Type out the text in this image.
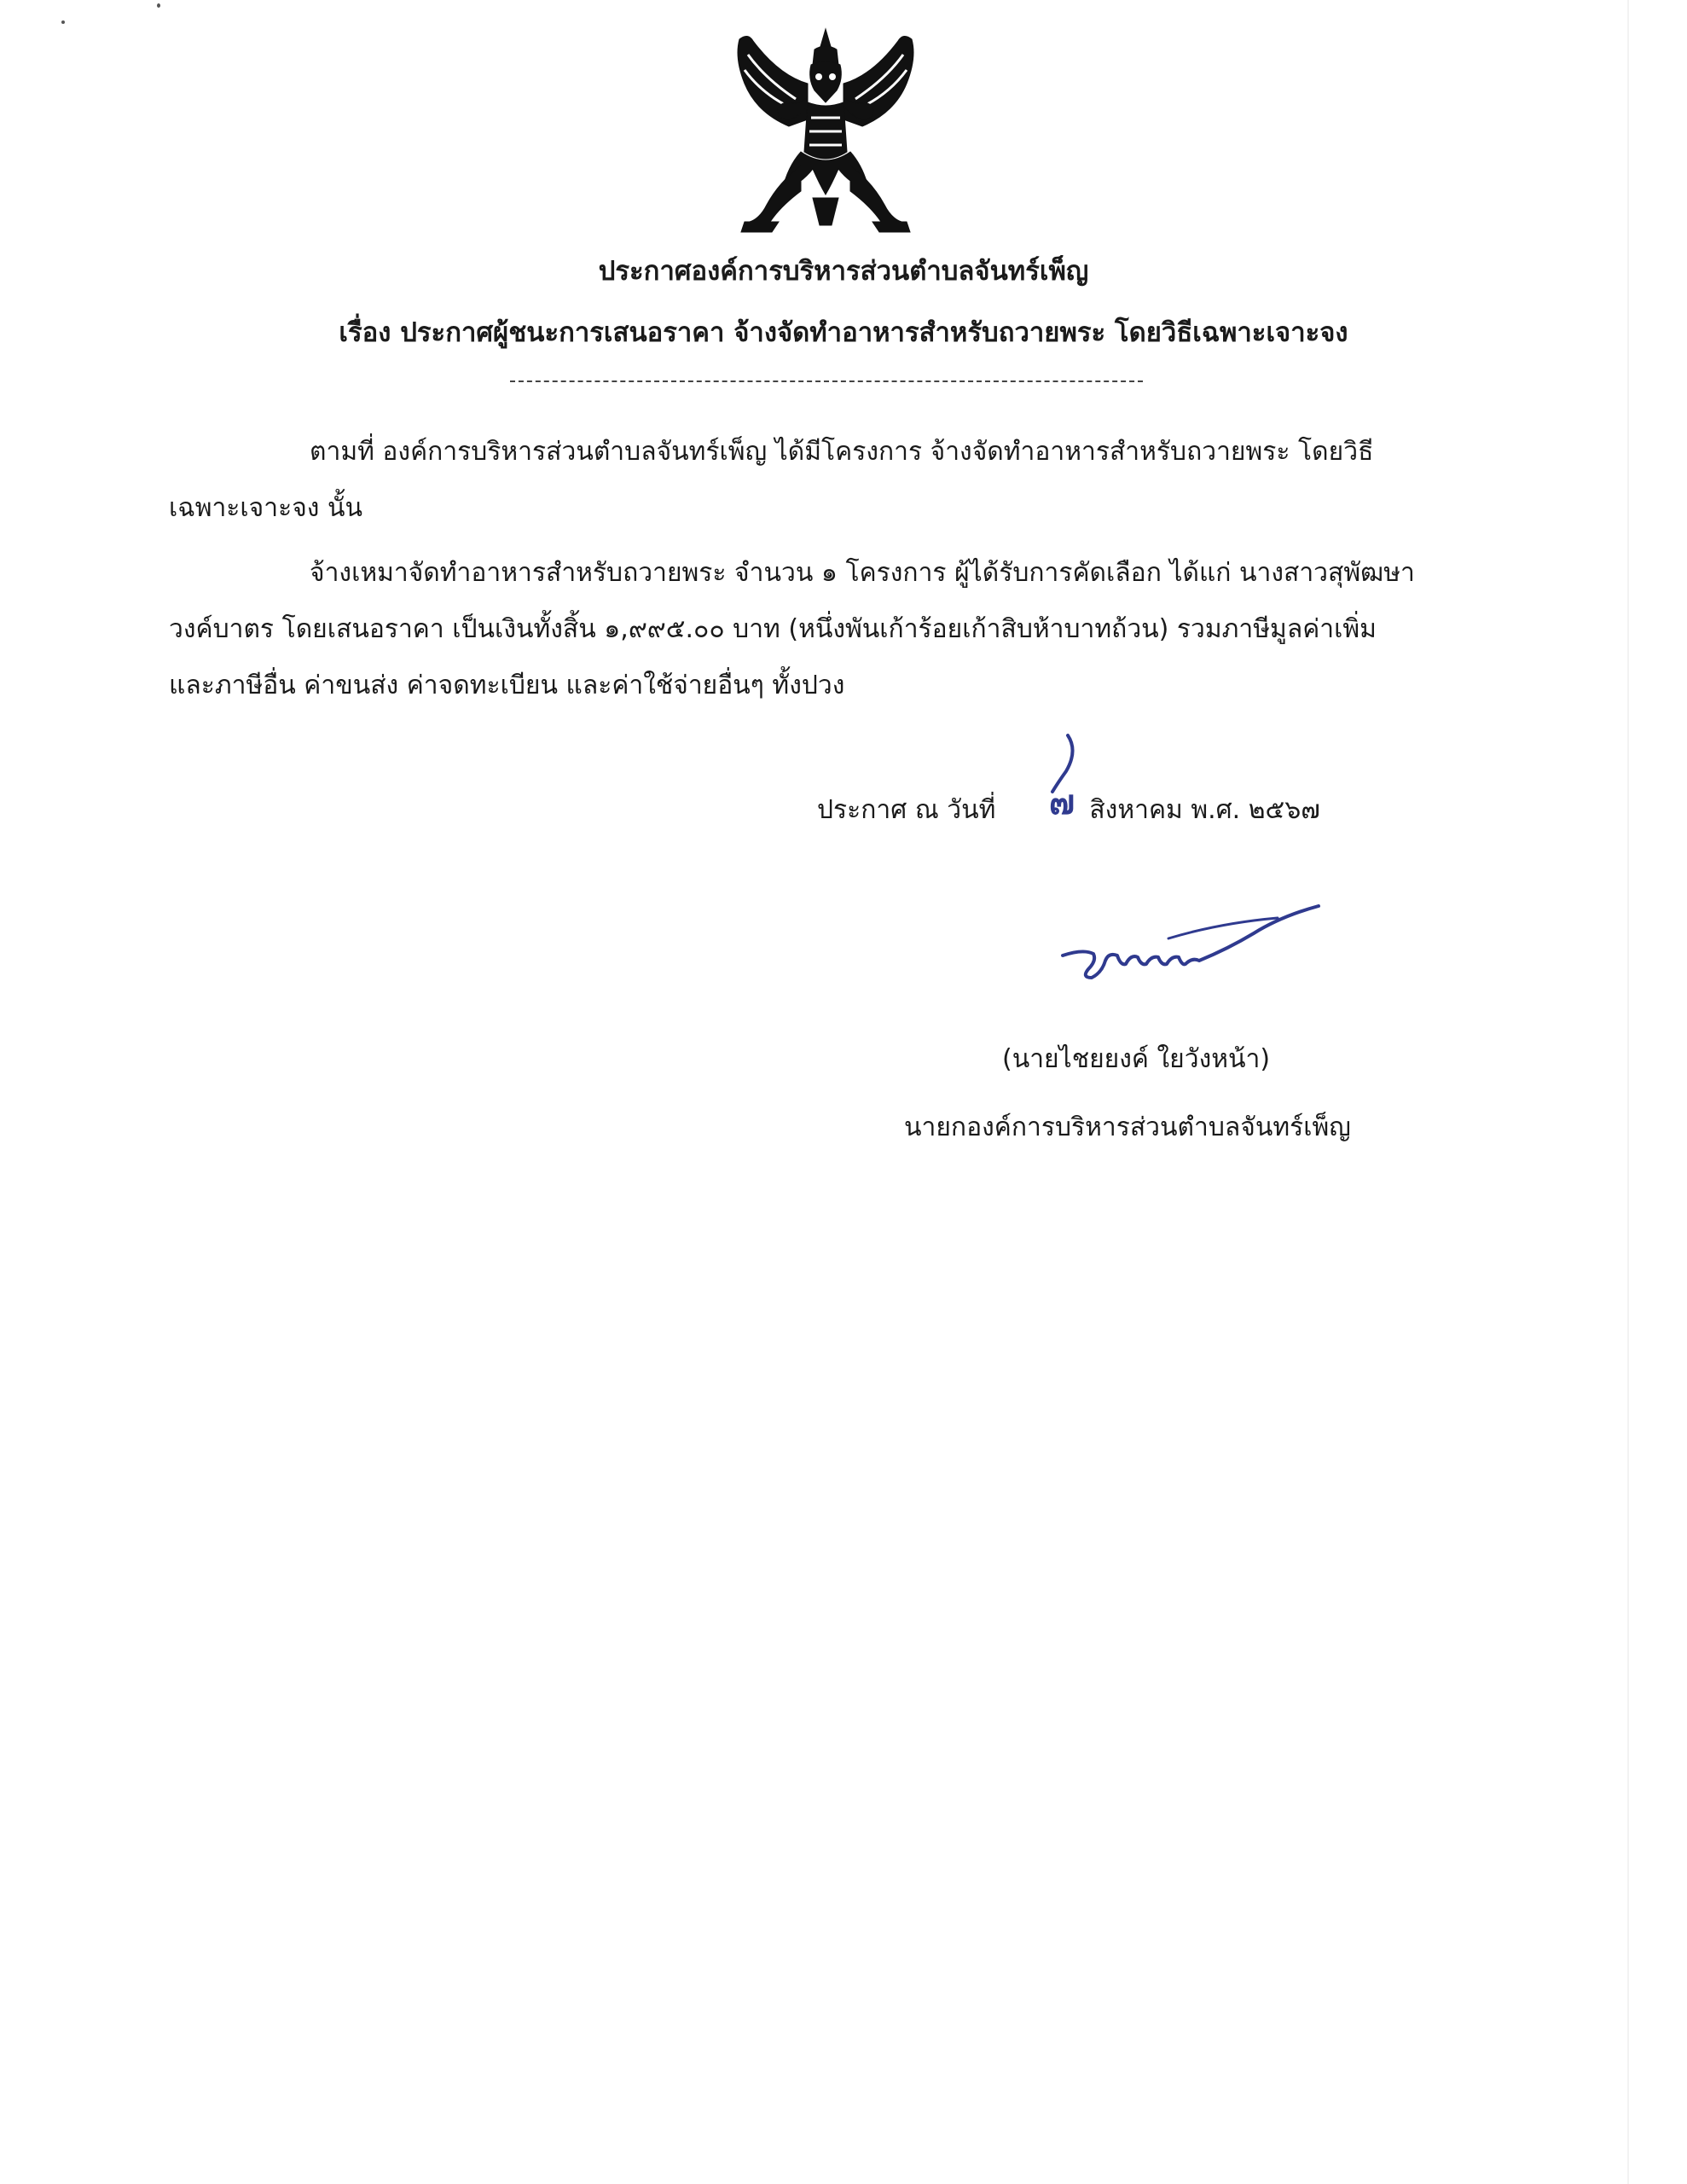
ประกาศองค์การบริหารส่วนตำบลจันทร์เพ็ญ
เรื่อง ประกาศผู้ชนะการเสนอราคา จ้างจัดทำอาหารสำหรับถวายพระ โดยวิธีเฉพาะเจาะจง
ตามที่ องค์การบริหารส่วนตำบลจันทร์เพ็ญ ได้มีโครงการ จ้างจัดทำอาหารสำหรับถวายพระ โดยวิธี
เฉพาะเจาะจง นั้น
จ้างเหมาจัดทำอาหารสำหรับถวายพระ จำนวน ๑ โครงการ ผู้ได้รับการคัดเลือก ได้แก่ นางสาวสุพัฒษา
วงค์บาตร โดยเสนอราคา เป็นเงินทั้งสิ้น ๑,๙๙๕.๐๐ บาท (หนึ่งพันเก้าร้อยเก้าสิบห้าบาทถ้วน) รวมภาษีมูลค่าเพิ่ม
และภาษีอื่น ค่าขนส่ง ค่าจดทะเบียน และค่าใช้จ่ายอื่นๆ ทั้งปวง
ประกาศ ณ วันที่	สิงหาคม พ.ศ. ๒๕๖๗
๗
(นายไชยยงค์ ใยวังหน้า)
นายกองค์การบริหารส่วนตำบลจันทร์เพ็ญ
